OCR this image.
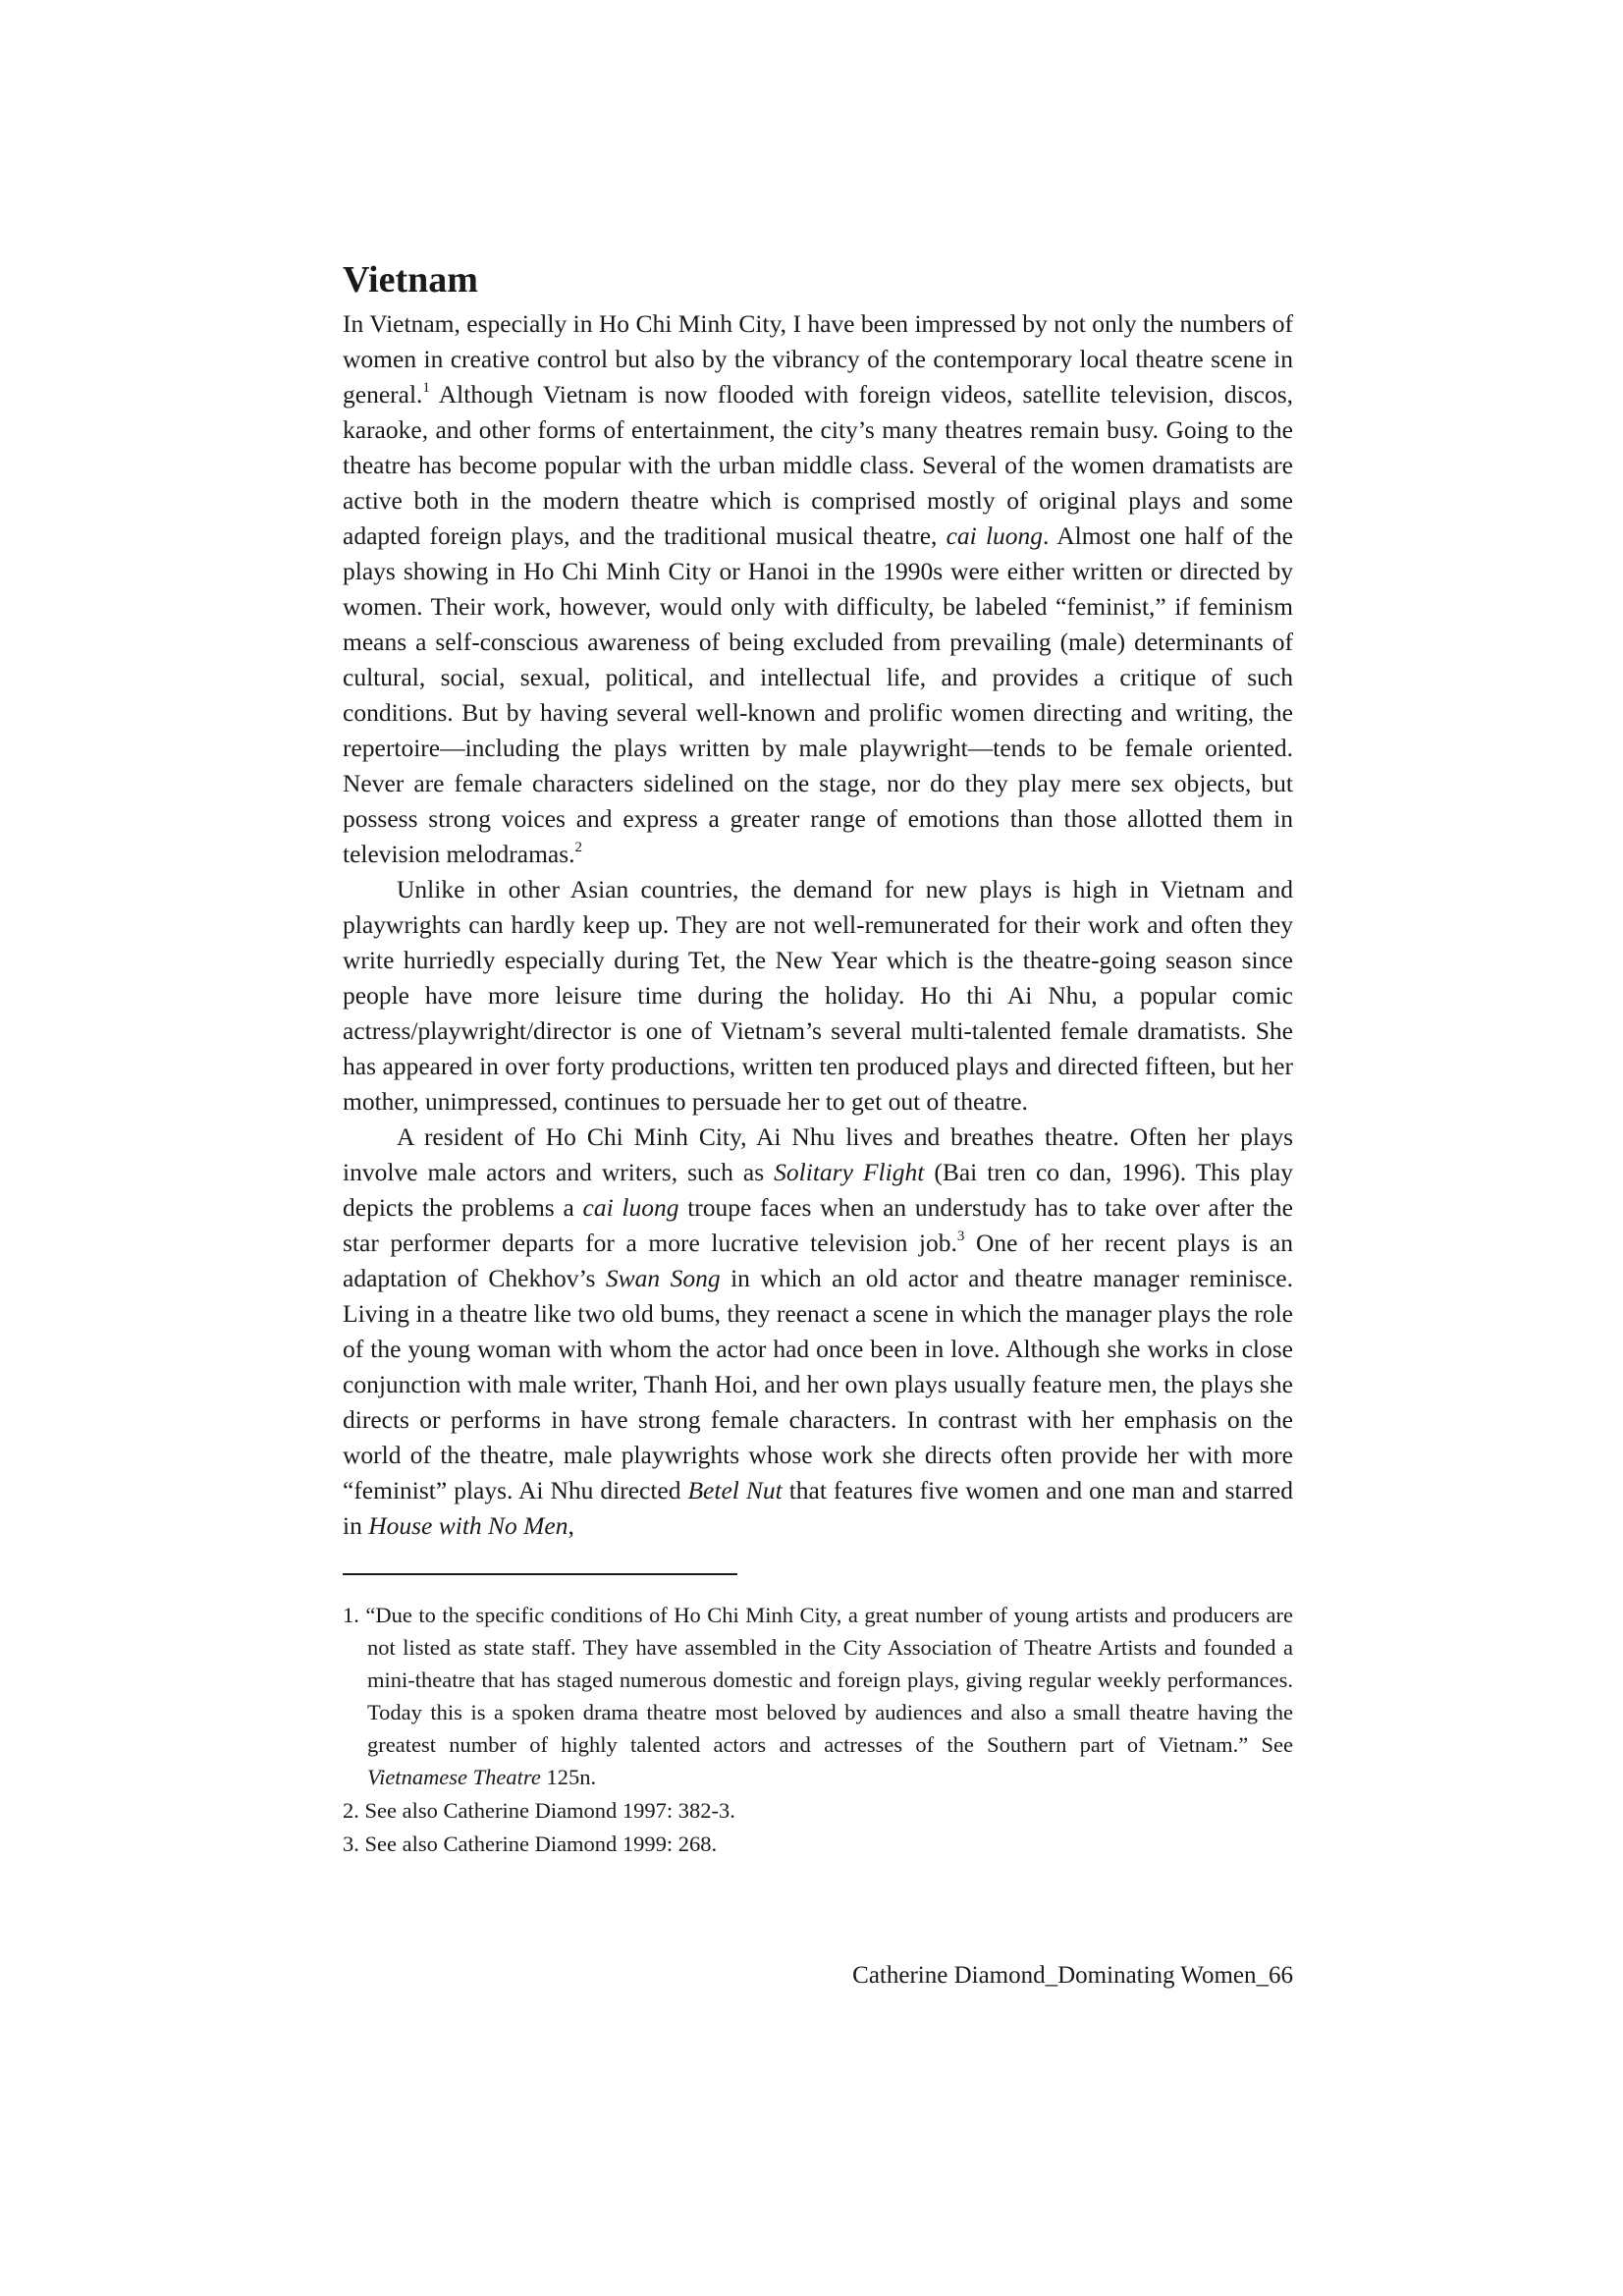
Vietnam

In Vietnam, especially in Ho Chi Minh City, I have been impressed by not only the numbers of women in creative control but also by the vibrancy of the contemporary local theatre scene in general.$^1$ Although Vietnam is now flooded with foreign videos, satellite television, discos, karaoke, and other forms of entertainment, the city’s many theatres remain busy. Going to the theatre has become popular with the urban middle class. Several of the women dramatists are active both in the modern theatre which is comprised mostly of original plays and some adapted foreign plays, and the traditional musical theatre, cai luong. Almost one half of the plays showing in Ho Chi Minh City or Hanoi in the 1990s were either written or directed by women. Their work, however, would only with difficulty, be labeled “feminist,” if feminism means a self-conscious awareness of being excluded from prevailing (male) determinants of cultural, social, sexual, political, and intellectual life, and provides a critique of such conditions. But by having several well-known and prolific women directing and writing, the repertoire—including the plays written by male playwright—tends to be female oriented. Never are female characters sidelined on the stage, nor do they play mere sex objects, but possess strong voices and express a greater range of emotions than those allotted them in television melodramas.$^2$

Unlike in other Asian countries, the demand for new plays is high in Vietnam and playwrights can hardly keep up. They are not well-remunerated for their work and often they write hurriedly especially during Tet, the New Year which is the theatre-going season since people have more leisure time during the holiday. Ho thi Ai Nhu, a popular comic actress/playwright/director is one of Vietnam’s several multi-talented female dramatists. She has appeared in over forty productions, written ten produced plays and directed fifteen, but her mother, unimpressed, continues to persuade her to get out of theatre.

A resident of Ho Chi Minh City, Ai Nhu lives and breathes theatre. Often her plays involve male actors and writers, such as Solitary Flight (Bai tren co dan, 1996). This play depicts the problems a cai luong troupe faces when an understudy has to take over after the star performer departs for a more lucrative television job.$^3$ One of her recent plays is an adaptation of Chekhov’s Swan Song in which an old actor and theatre manager reminisce. Living in a theatre like two old bums, they reenact a scene in which the manager plays the role of the young woman with whom the actor had once been in love. Although she works in close conjunction with male writer, Thanh Hoi, and her own plays usually feature men, the plays she directs or performs in have strong female characters. In contrast with her emphasis on the world of the theatre, male playwrights whose work she directs often provide her with more “feminist” plays. Ai Nhu directed Betel Nut that features five women and one man and starred in House with No Men,

1. “Due to the specific conditions of Ho Chi Minh City, a great number of young artists and producers are not listed as state staff. They have assembled in the City Association of Theatre Artists and founded a mini-theatre that has staged numerous domestic and foreign plays, giving regular weekly performances. Today this is a spoken drama theatre most beloved by audiences and also a small theatre having the greatest number of highly talented actors and actresses of the Southern part of Vietnam.” See Vietnamese Theatre 125n.

2. See also Catherine Diamond 1997: 382-3.

3. See also Catherine Diamond 1999: 268.

Catherine Diamond_Dominating Women_66
